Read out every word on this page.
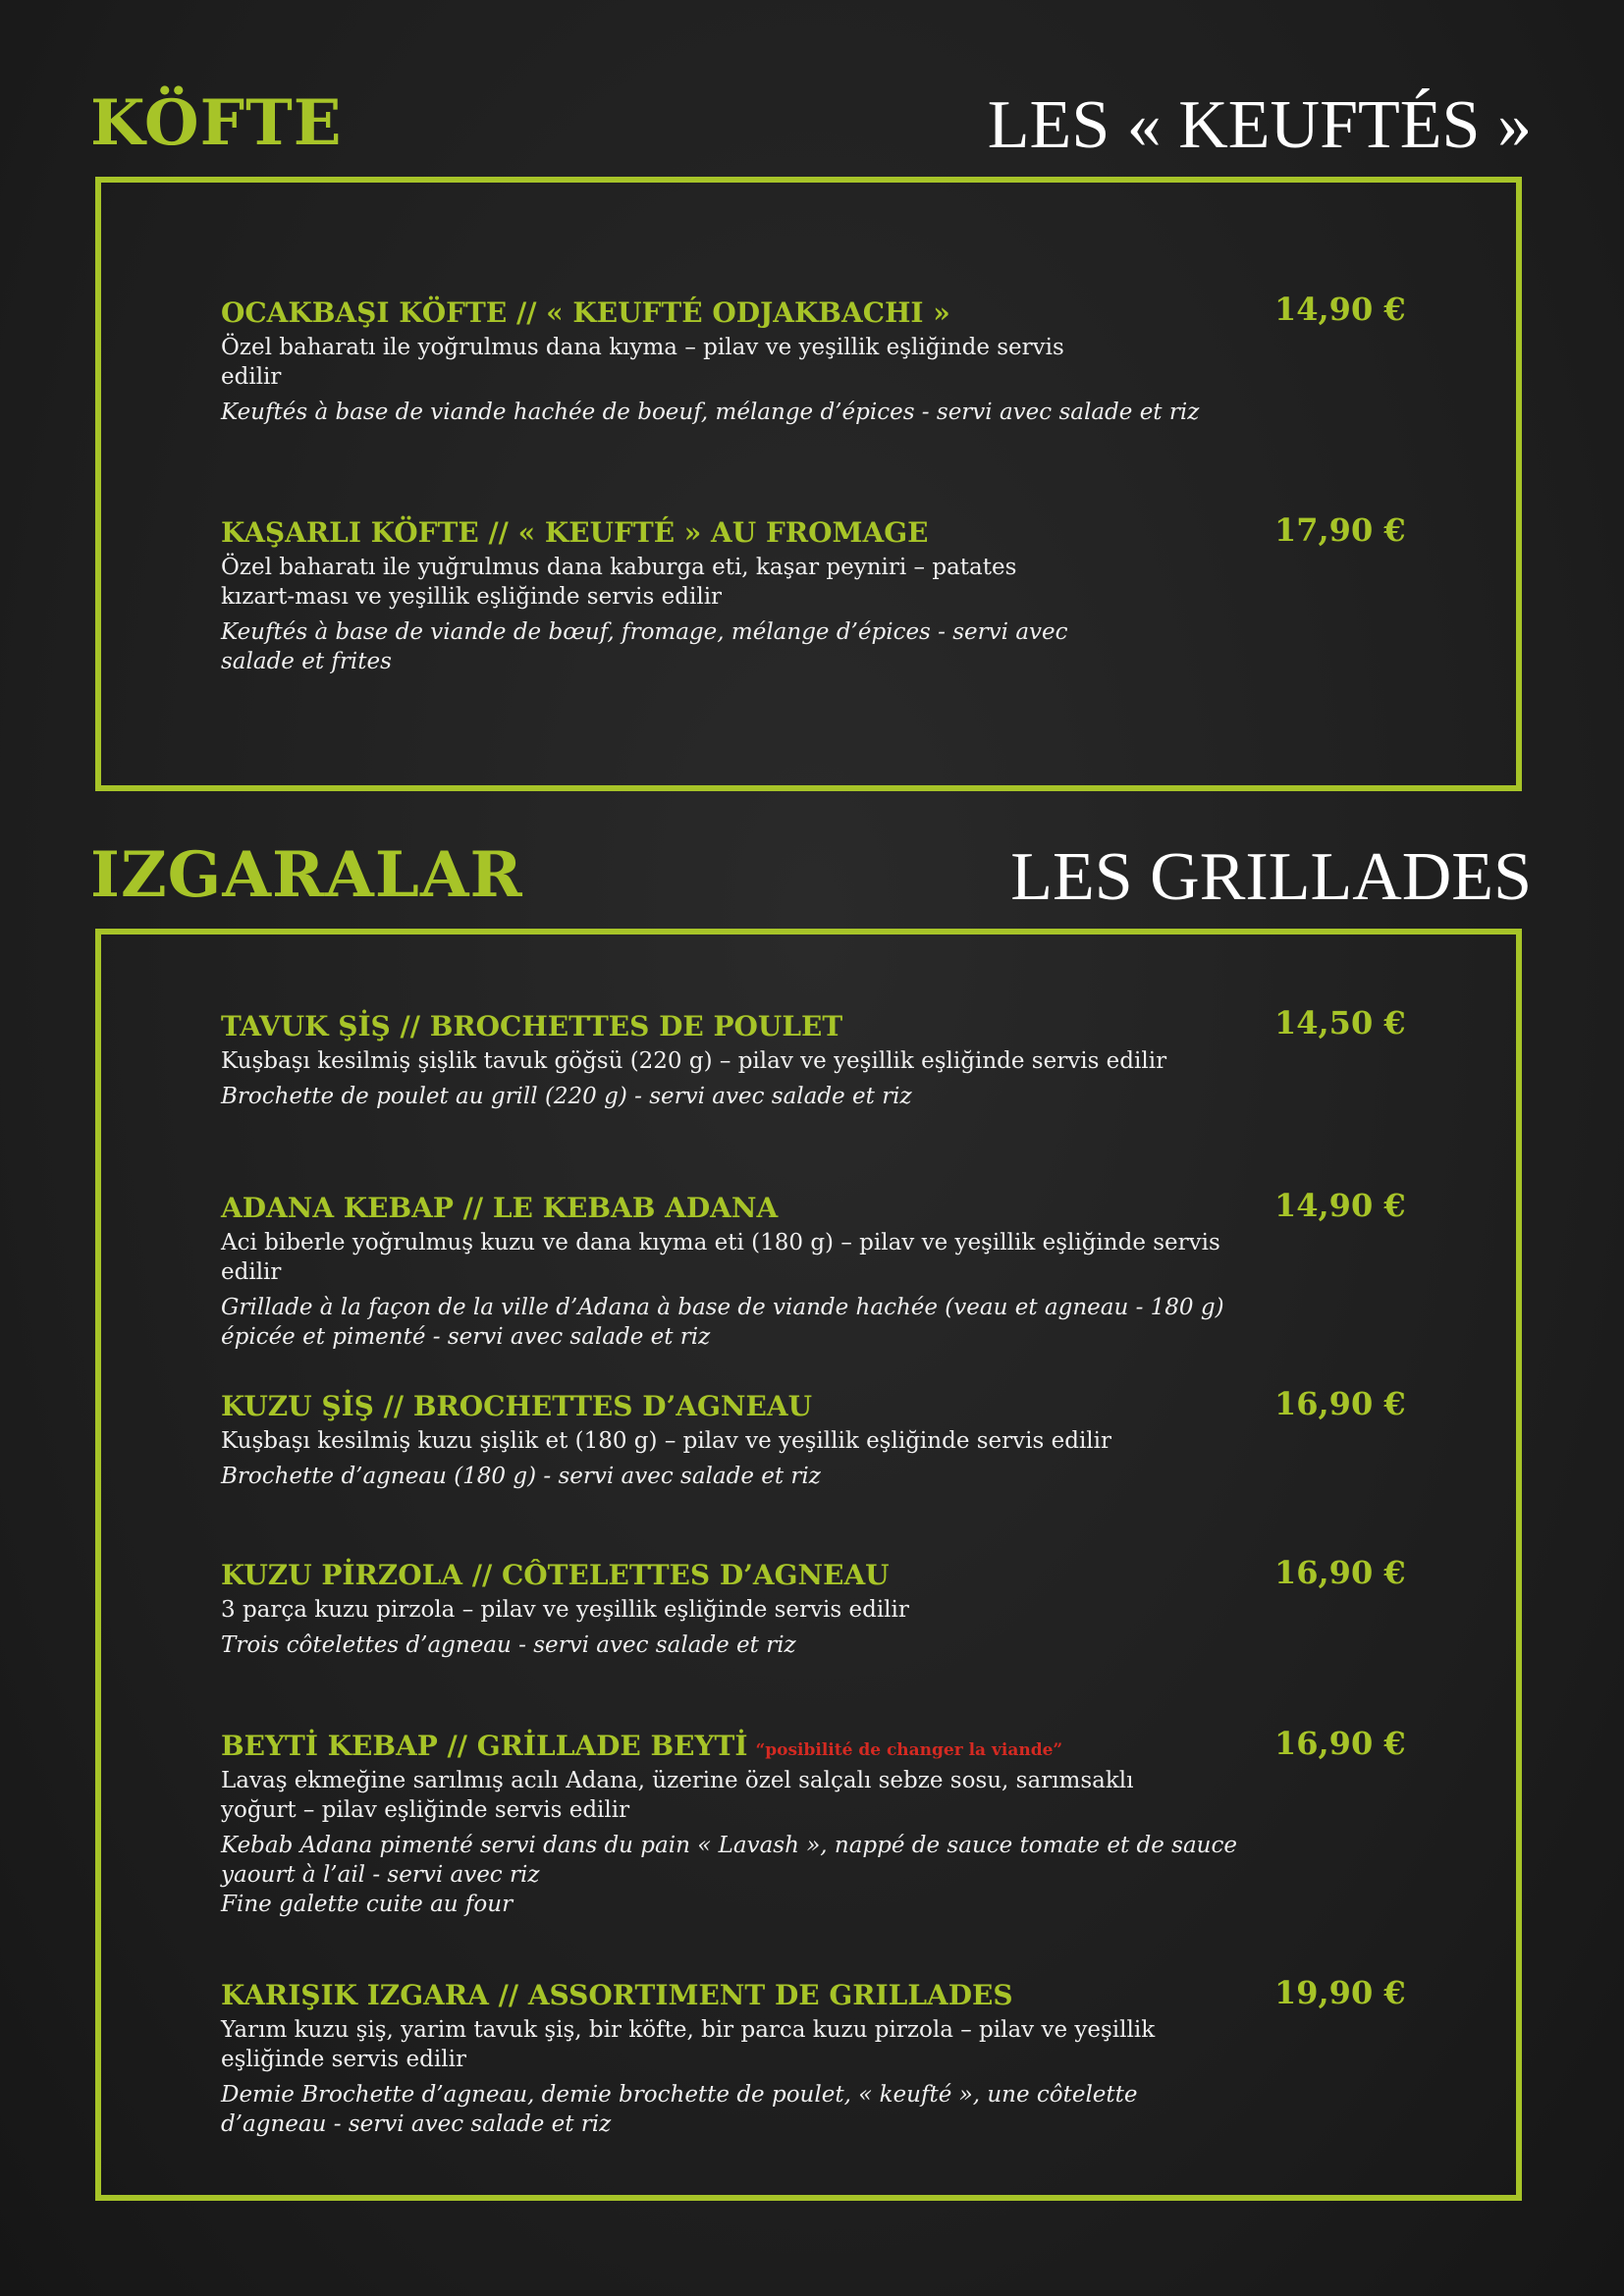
KÖFTE	LES « KEUFTÉS »
OCAKBAŞI KÖFTE // « KEUFTÉ ODJAKBACHI »
Özel baharatı ile yoğrulmus dana kıyma – pilav ve yeşillik eşliğinde servis edilir
Keuftés à base de viande hachée de boeuf, mélange d’épices - servi avec salade et riz
14,90 €
KAŞARLI KÖFTE // « KEUFTÉ » AU FROMAGE
Özel baharatı ile yuğrulmus dana kaburga eti, kaşar peyniri – patates kızart-ması ve yeşillik eşliğinde servis edilir
Keuftés à base de viande de bœuf, fromage, mélange d’épices - servi avec salade et frites
17,90 €
IZGARALAR	LES GRILLADES
TAVUK ŞİŞ // BROCHETTES DE POULET
Kuşbaşı kesilmiş şişlik tavuk göğsü (220 g) – pilav ve yeşillik eşliğinde servis edilir
Brochette de poulet au grill (220 g) - servi avec salade et riz
14,50 €
ADANA KEBAP // LE KEBAB ADANA
Aci biberle yoğrulmuş kuzu ve dana kıyma eti (180 g) – pilav ve yeşillik eşliğinde servis edilir
Grillade à la façon de la ville d’Adana à base de viande hachée (veau et agneau - 180 g) épicée et pimenté - servi avec salade et riz
14,90 €
KUZU ŞİŞ // BROCHETTES D’AGNEAU
Kuşbaşı kesilmiş kuzu şişlik et (180 g) – pilav ve yeşillik eşliğinde servis edilir
Brochette d’agneau (180 g) - servi avec salade et riz
16,90 €
KUZU PİRZOLA // CÔTELETTES D’AGNEAU
3 parça kuzu pirzola – pilav ve yeşillik eşliğinde servis edilir
Trois côtelettes d’agneau - servi avec salade et riz
16,90 €
BEYTİ KEBAP // GRİLLADE BEYTİ “posibilité de changer la viande”
Lavaş ekmeğine sarılmış acılı Adana, üzerine özel salçalı sebze sosu, sarımsaklı yoğurt – pilav eşliğinde servis edilir
Kebab Adana pimenté servi dans du pain « Lavash », nappé de sauce tomate et de sauce yaourt à l’ail - servi avec riz
Fine galette cuite au four
16,90 €
KARIŞIK IZGARA // ASSORTIMENT DE GRILLADES
Yarım kuzu şiş, yarim tavuk şiş, bir köfte, bir parca kuzu pirzola – pilav ve yeşillik eşliğinde servis edilir
Demie Brochette d’agneau, demie brochette de poulet, « keufté », une côtelette d’agneau - servi avec salade et riz
19,90 €
